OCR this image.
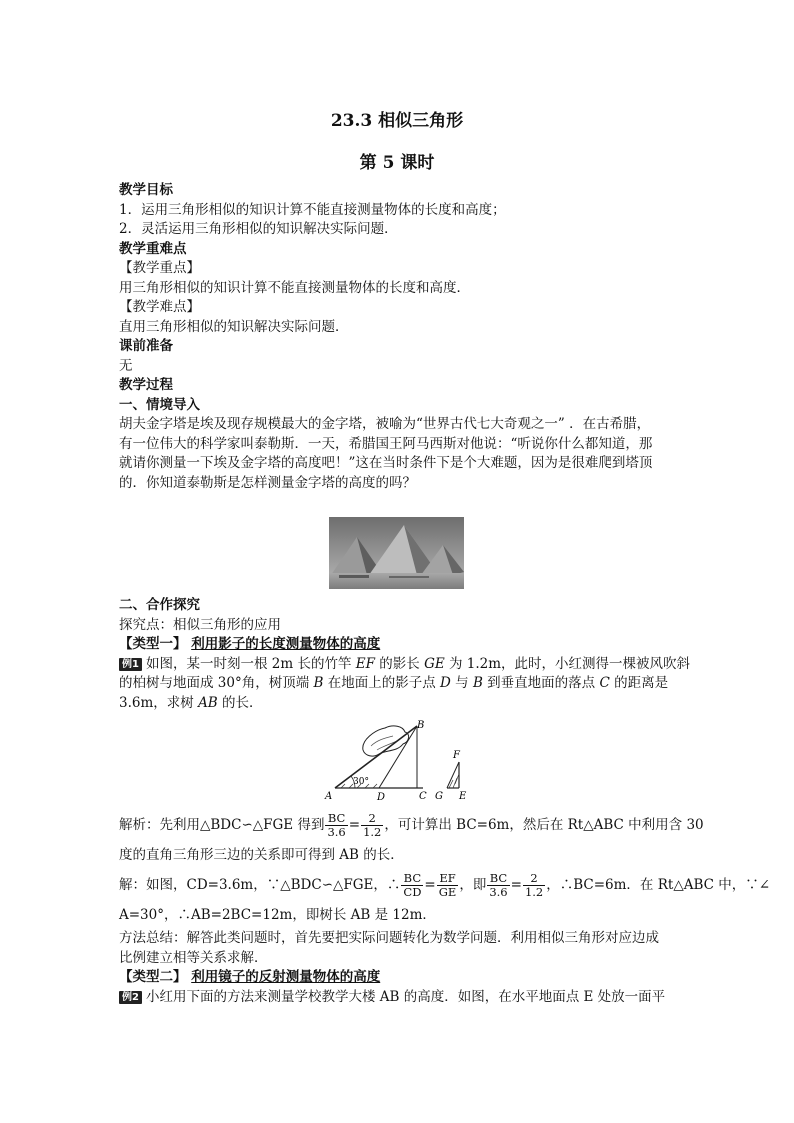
23.3 相似三角形
第 5 课时
教学目标
1．运用三角形相似的知识计算不能直接测量物体的长度和高度；
2．灵活运用三角形相似的知识解决实际问题．
教学重难点
【教学重点】
用三角形相似的知识计算不能直接测量物体的长度和高度．
【教学难点】
直用三角形相似的知识解决实际问题．
课前准备
无
教学过程
一、情境导入
胡夫金字塔是埃及现存规模最大的金字塔，被喻为“世界古代七大奇观之一” ．在古希腊，
有一位伟大的科学家叫泰勒斯．一天，希腊国王阿马西斯对他说：“听说你什么都知道，那
就请你测量一下埃及金字塔的高度吧！”这在当时条件下是个大难题，因为是很难爬到塔顶
的．你知道泰勒斯是怎样测量金字塔的高度的吗？
二、合作探究
探究点：相似三角形的应用
【类型一】 利用影子的长度测量物体的高度
例1 如图，某一时刻一根 2m 长的竹竿 EF 的影长 GE 为 1.2m，此时，小红测得一棵被风吹斜
的柏树与地面成 30°角，树顶端 B 在地面上的影子点 D 与 B 到垂直地面的落点 C 的距离是
3.6m，求树 AB 的长．
30°
A
B
C
D	E
F
G
解析：先利用△BDC∽△FGE 得到 $\frac{BC}{3.6} = \frac{2}{1.2}$ ，可计算出 BC=6m，然后在 Rt△ABC 中利用含 30
度的直角三角形三边的关系即可得到 AB 的长．
解：如图，CD=3.6m，∵△BDC∽△FGE，∴ $\frac{BC}{CD} = \frac{EF}{GE}$ ，即 $\frac{BC}{3.6} = \frac{2}{1.2}$ ，∴BC=6m．在 Rt△ABC 中，∵∠
A=30°，∴AB=2BC=12m，即树长 AB 是 12m．
方法总结：解答此类问题时，首先要把实际问题转化为数学问题．利用相似三角形对应边成
比例建立相等关系求解．
【类型二】 利用镜子的反射测量物体的高度
例2 小红用下面的方法来测量学校教学大楼 AB 的高度．如图，在水平地面点 E 处放一面平
